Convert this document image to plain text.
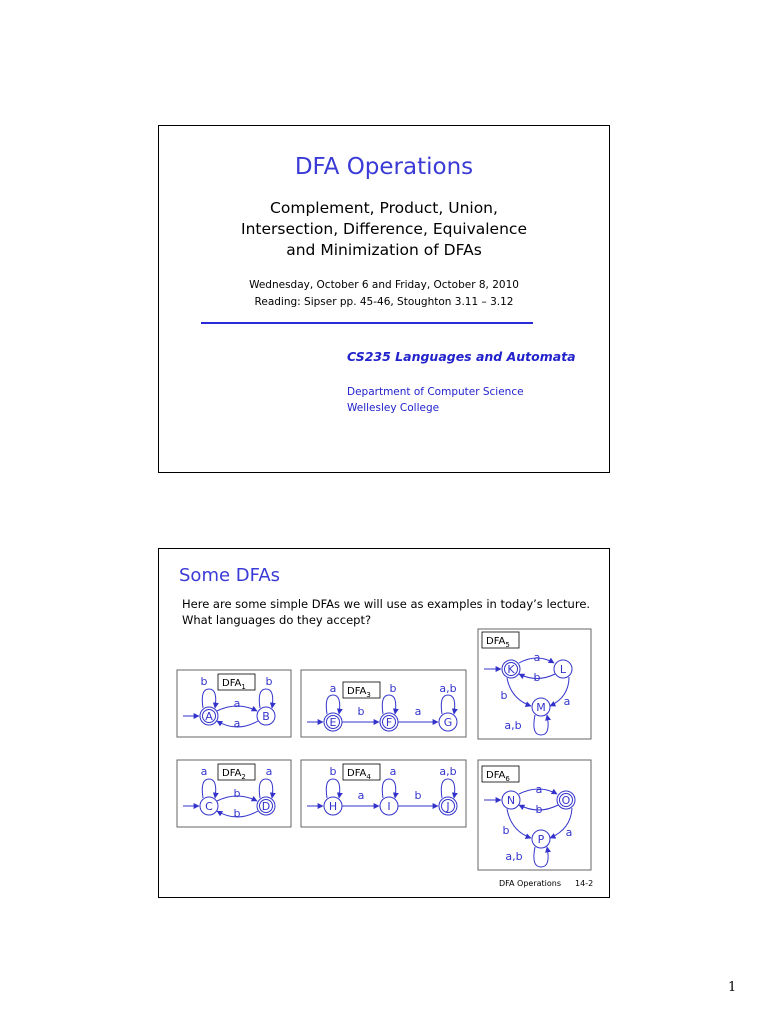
DFA Operations
Complement, Product, Union,
Intersection, Difference, Equivalence
and Minimization of DFAs
Wednesday, October 6 and Friday, October 8, 2010
Reading: Sipser pp. 45-46, Stoughton 3.11 – 3.12
CS235 Languages and Automata
Department of Computer Science
Wellesley College
Some DFAs
Here are some simple DFAs we will use as examples in today’s lecture.
What languages do they accept?
$DFA_1$
$DFA_2$
$DFA_3$
$DFA_4$
$DFA_5$
$DFA_6$
A	B
C	D
E	F	G
H	I	J
K	L
M
N	O
P
b	b
a
a
a	a
b
b
a	b	a,b
b	a
b	a	a,b
a	b
a
b
b	a
a,b
a
b
b	a
a,b
DFA Operations 14-2
1
